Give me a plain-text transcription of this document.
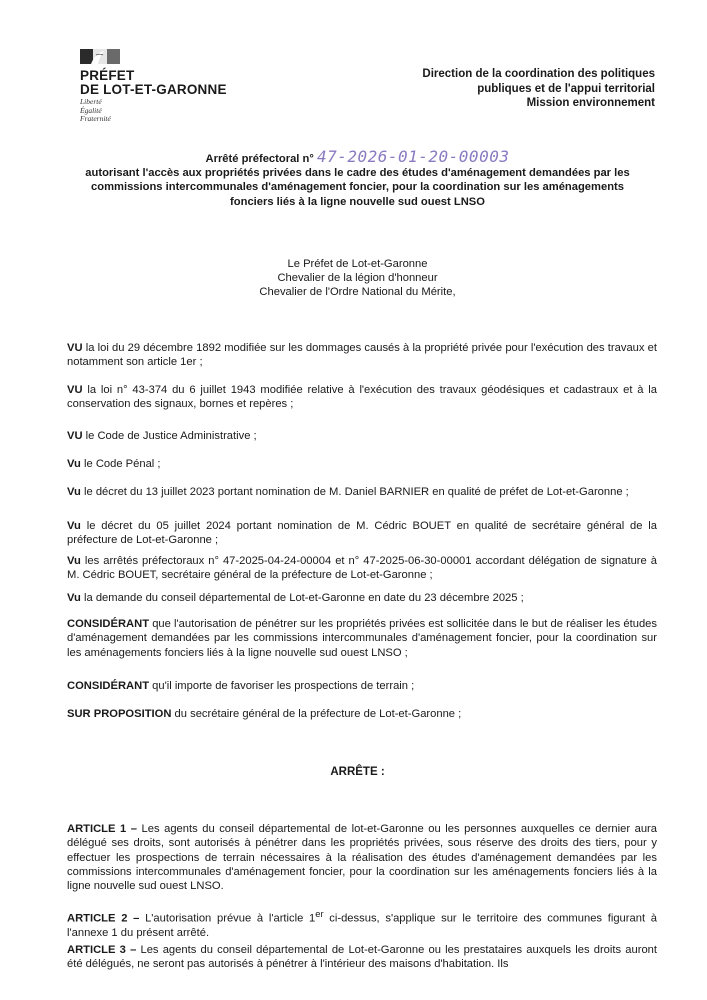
PRÉFET
DE LOT-ET-GARONNE
Liberté
Égalité
Fraternité
Direction de la coordination des politiques
publiques et de l'appui territorial
Mission environnement
Arrêté préfectoral n° 47-2026-01-20-00003
autorisant l'accès aux propriétés privées dans le cadre des études d'aménagement demandées par les
commissions intercommunales d'aménagement foncier, pour la coordination sur les aménagements
fonciers liés à la ligne nouvelle sud ouest LNSO
Le Préfet de Lot-et-Garonne
Chevalier de la légion d'honneur
Chevalier de l'Ordre National du Mérite,
VU la loi du 29 décembre 1892 modifiée sur les dommages causés à la propriété privée pour l'exécution des travaux et notamment son article 1er ;
VU la loi n° 43-374 du 6 juillet 1943 modifiée relative à l'exécution des travaux géodésiques et cadastraux et à la conservation des signaux, bornes et repères ;
VU le Code de Justice Administrative ;
Vu le Code Pénal ;
Vu le décret du 13 juillet 2023 portant nomination de M. Daniel BARNIER en qualité de préfet de Lot-et-Garonne ;
Vu le décret du 05 juillet 2024 portant nomination de M. Cédric BOUET en qualité de secrétaire général de la préfecture de Lot-et-Garonne ;
Vu les arrêtés préfectoraux n° 47-2025-04-24-00004 et n° 47-2025-06-30-00001 accordant délégation de signature à M. Cédric BOUET, secrétaire général de la préfecture de Lot-et-Garonne ;
Vu la demande du conseil départemental de Lot-et-Garonne en date du 23 décembre 2025 ;
CONSIDÉRANT que l'autorisation de pénétrer sur les propriétés privées est sollicitée dans le but de réaliser les études d'aménagement demandées par les commissions intercommunales d'aménagement foncier, pour la coordination sur les aménagements fonciers liés à la ligne nouvelle sud ouest LNSO ;
CONSIDÉRANT qu'il importe de favoriser les prospections de terrain ;
SUR PROPOSITION du secrétaire général de la préfecture de Lot-et-Garonne ;
ARRÊTE :
ARTICLE 1 – Les agents du conseil départemental de lot-et-Garonne ou les personnes auxquelles ce dernier aura délégué ses droits, sont autorisés à pénétrer dans les propriétés privées, sous réserve des droits des tiers, pour y effectuer les prospections de terrain nécessaires à la réalisation des études d'aménagement demandées par les commissions intercommunales d'aménagement foncier, pour la coordination sur les aménagements fonciers liés à la ligne nouvelle sud ouest LNSO.
ARTICLE 2 – L'autorisation prévue à l'article 1er ci-dessus, s'applique sur le territoire des communes figurant à l'annexe 1 du présent arrêté.
ARTICLE 3 – Les agents du conseil départemental de Lot-et-Garonne ou les prestataires auxquels les droits auront été délégués, ne seront pas autorisés à pénétrer à l'intérieur des maisons d'habitation. Ils
